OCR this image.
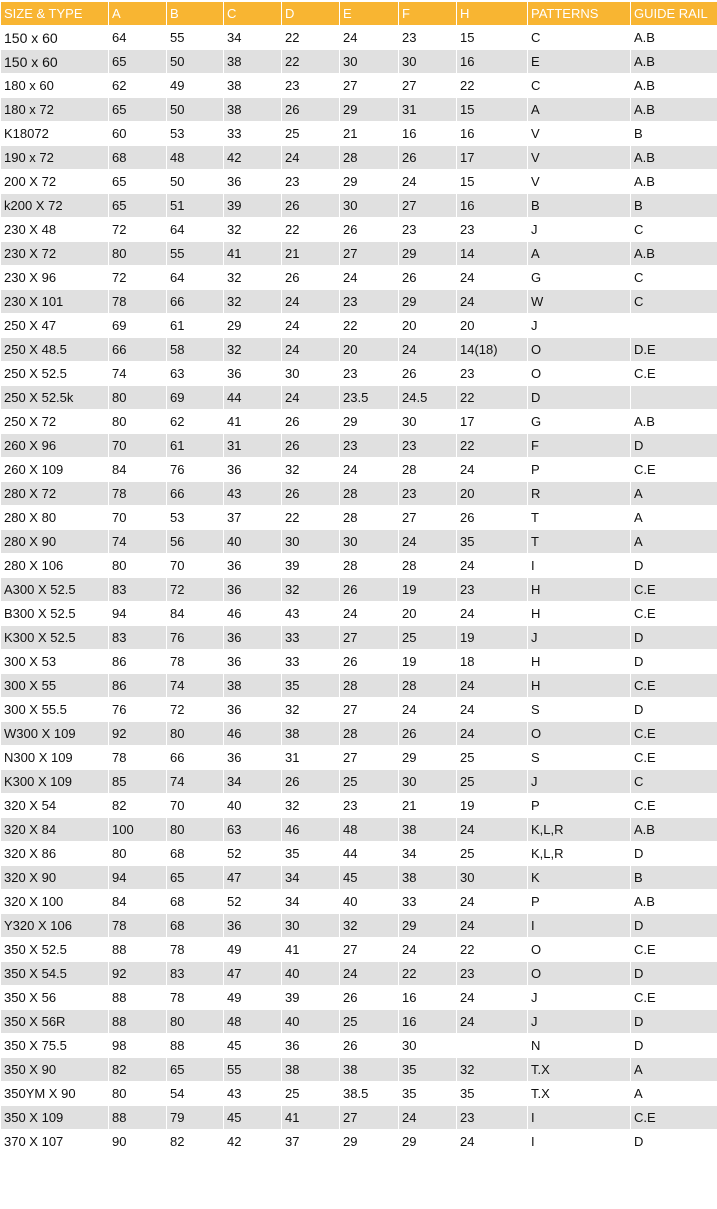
SIZE & TYPE	A	B	C	D	E	F	H	PATTERNS	GUIDE RAIL
150 x 60	64	55	34	22	24	23	15	C	A.B
150 x 60	65	50	38	22	30	30	16	E	A.B
180 x 60	62	49	38	23	27	27	22	C	A.B
180 x 72	65	50	38	26	29	31	15	A	A.B
K18072	60	53	33	25	21	16	16	V	B
190 x 72	68	48	42	24	28	26	17	V	A.B
200 X 72	65	50	36	23	29	24	15	V	A.B
k200 X 72	65	51	39	26	30	27	16	B	B
230 X 48	72	64	32	22	26	23	23	J	C
230 X 72	80	55	41	21	27	29	14	A	A.B
230 X 96	72	64	32	26	24	26	24	G	C
230 X 101	78	66	32	24	23	29	24	W	C
250 X 47	69	61	29	24	22	20	20	J	
250 X 48.5	66	58	32	24	20	24	14(18)	O	D.E
250 X 52.5	74	63	36	30	23	26	23	O	C.E
250 X 52.5k	80	69	44	24	23.5	24.5	22	D	
250 X 72	80	62	41	26	29	30	17	G	A.B
260 X 96	70	61	31	26	23	23	22	F	D
260 X 109	84	76	36	32	24	28	24	P	C.E
280 X 72	78	66	43	26	28	23	20	R	A
280 X 80	70	53	37	22	28	27	26	T	A
280 X 90	74	56	40	30	30	24	35	T	A
280 X 106	80	70	36	39	28	28	24	I	D
A300 X 52.5	83	72	36	32	26	19	23	H	C.E
B300 X 52.5	94	84	46	43	24	20	24	H	C.E
K300 X 52.5	83	76	36	33	27	25	19	J	D
300 X 53	86	78	36	33	26	19	18	H	D
300 X 55	86	74	38	35	28	28	24	H	C.E
300 X 55.5	76	72	36	32	27	24	24	S	D
W300 X 109	92	80	46	38	28	26	24	O	C.E
N300 X 109	78	66	36	31	27	29	25	S	C.E
K300 X 109	85	74	34	26	25	30	25	J	C
320 X 54	82	70	40	32	23	21	19	P	C.E
320 X 84	100	80	63	46	48	38	24	K,L,R	A.B
320 X 86	80	68	52	35	44	34	25	K,L,R	D
320 X 90	94	65	47	34	45	38	30	K	B
320 X 100	84	68	52	34	40	33	24	P	A.B
Y320 X 106	78	68	36	30	32	29	24	I	D
350 X 52.5	88	78	49	41	27	24	22	O	C.E
350 X 54.5	92	83	47	40	24	22	23	O	D
350 X 56	88	78	49	39	26	16	24	J	C.E
350 X 56R	88	80	48	40	25	16	24	J	D
350 X 75.5	98	88	45	36	26	30		N	D
350 X 90	82	65	55	38	38	35	32	T.X	A
350YM X 90	80	54	43	25	38.5	35	35	T.X	A
350 X 109	88	79	45	41	27	24	23	I	C.E
370 X 107	90	82	42	37	29	29	24	I	D
